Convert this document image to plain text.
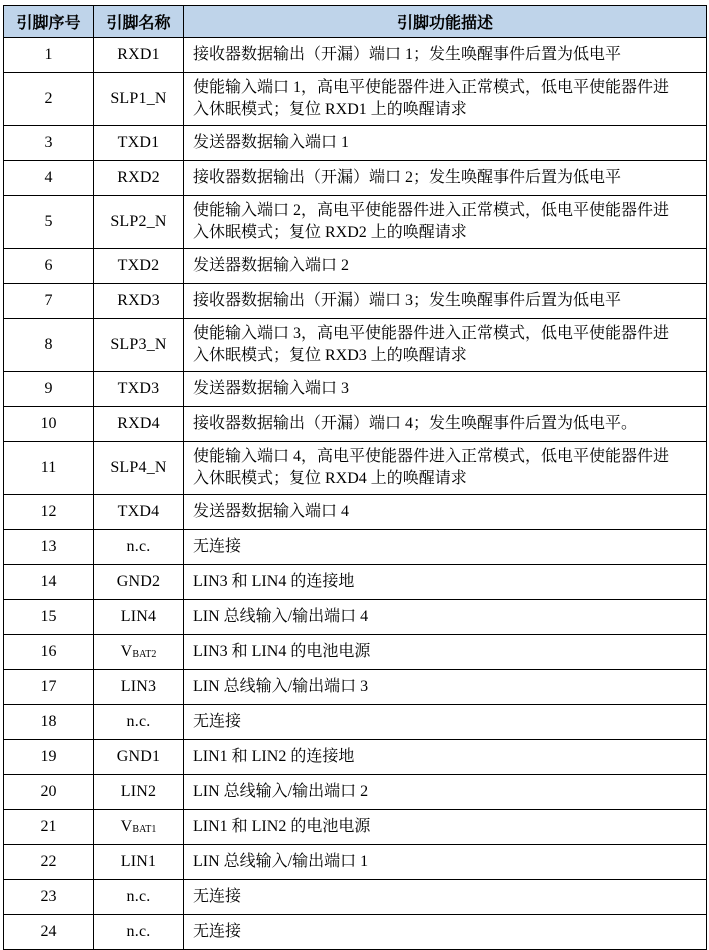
引脚序号	引脚名称	引脚功能描述
1	RXD1	接收器数据输出（开漏）端口 1；发生唤醒事件后置为低电平
2	SLP1_N	使能输入端口 1，高电平使能器件进入正常模式，低电平使能器件进入休眠模式；复位 RXD1 上的唤醒请求
3	TXD1	发送器数据输入端口 1
4	RXD2	接收器数据输出（开漏）端口 2；发生唤醒事件后置为低电平
5	SLP2_N	使能输入端口 2，高电平使能器件进入正常模式，低电平使能器件进入休眠模式；复位 RXD2 上的唤醒请求
6	TXD2	发送器数据输入端口 2
7	RXD3	接收器数据输出（开漏）端口 3；发生唤醒事件后置为低电平
8	SLP3_N	使能输入端口 3，高电平使能器件进入正常模式，低电平使能器件进入休眠模式；复位 RXD3 上的唤醒请求
9	TXD3	发送器数据输入端口 3
10	RXD4	接收器数据输出（开漏）端口 4；发生唤醒事件后置为低电平。
11	SLP4_N	使能输入端口 4，高电平使能器件进入正常模式，低电平使能器件进入休眠模式；复位 RXD4 上的唤醒请求
12	TXD4	发送器数据输入端口 4
13	n.c.	无连接
14	GND2	LIN3 和 LIN4 的连接地
15	LIN4	LIN 总线输入/输出端口 4
16	VBAT2	LIN3 和 LIN4 的电池电源
17	LIN3	LIN 总线输入/输出端口 3
18	n.c.	无连接
19	GND1	LIN1 和 LIN2 的连接地
20	LIN2	LIN 总线输入/输出端口 2
21	VBAT1	LIN1 和 LIN2 的电池电源
22	LIN1	LIN 总线输入/输出端口 1
23	n.c.	无连接
24	n.c.	无连接
